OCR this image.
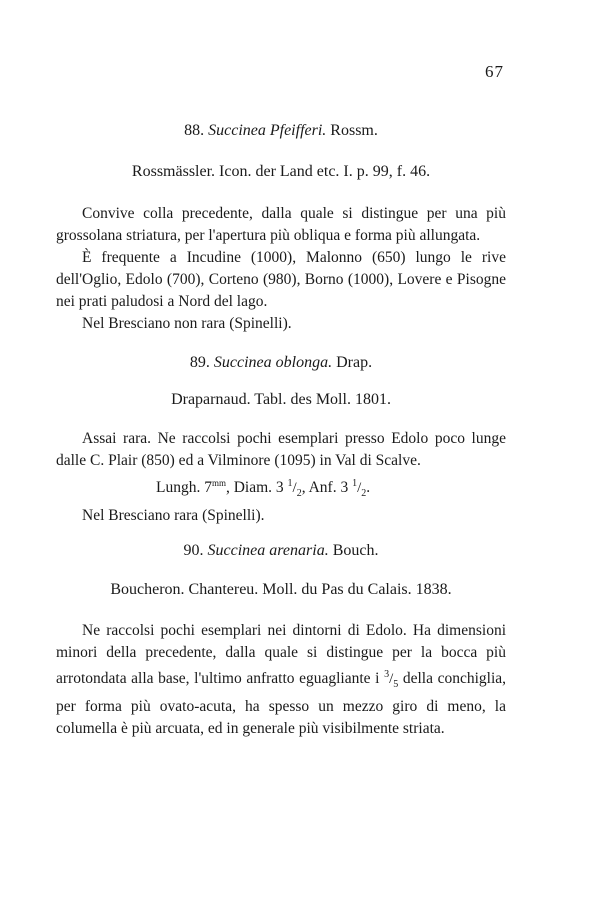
67

88. Succinea Pfeifferi. Rossm.

Rossmässler. Icon. der Land etc. I. p. 99, f. 46.

Convive colla precedente, dalla quale si distingue per una più grossolana striatura, per l'apertura più obliqua e forma più allungata.

È frequente a Incudine (1000), Malonno (650) lungo le rive dell'Oglio, Edolo (700), Corteno (980), Borno (1000), Lovere e Pisogne nei prati paludosi a Nord del lago.

Nel Bresciano non rara (Spinelli).

89. Succinea oblonga. Drap.

Draparnaud. Tabl. des Moll. 1801.

Assai rara. Ne raccolsi pochi esemplari presso Edolo poco lunge dalle C. Plair (850) ed a Vilminore (1095) in Val di Scalve.

Lungh. $7^{mm}$, Diam. 3 $^1/_2$, Anf. 3 $^1/_2$.

Nel Bresciano rara (Spinelli).

90. Succinea arenaria. Bouch.

Boucheron. Chantereu. Moll. du Pas du Calais. 1838.

Ne raccolsi pochi esemplari nei dintorni di Edolo. Ha dimensioni minori della precedente, dalla quale si distingue per la bocca più arrotondata alla base, l'ultimo anfratto eguagliante i $^3/_5$ della conchiglia, per forma più ovato-acuta, ha spesso un mezzo giro di meno, la columella è più arcuata, ed in generale più visibilmente striata.
